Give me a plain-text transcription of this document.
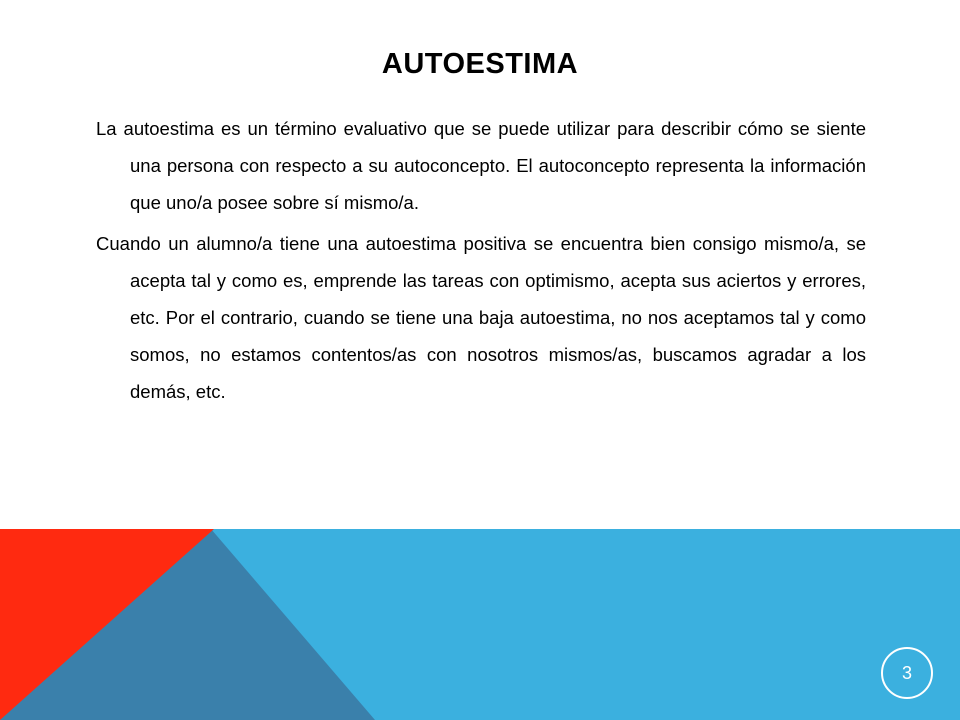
AUTOESTIMA

La autoestima es un término evaluativo que se puede utilizar para describir cómo se siente una persona con respecto a su autoconcepto. El autoconcepto representa la información que uno/a posee sobre sí mismo/a.

Cuando un alumno/a tiene una autoestima positiva se encuentra bien consigo mismo/a, se acepta tal y como es, emprende las tareas con optimismo, acepta sus aciertos y errores, etc. Por el contrario, cuando se tiene una baja autoestima, no nos aceptamos tal y como somos, no estamos contentos/as con nosotros mismos/as, buscamos agradar a los demás, etc.

3
